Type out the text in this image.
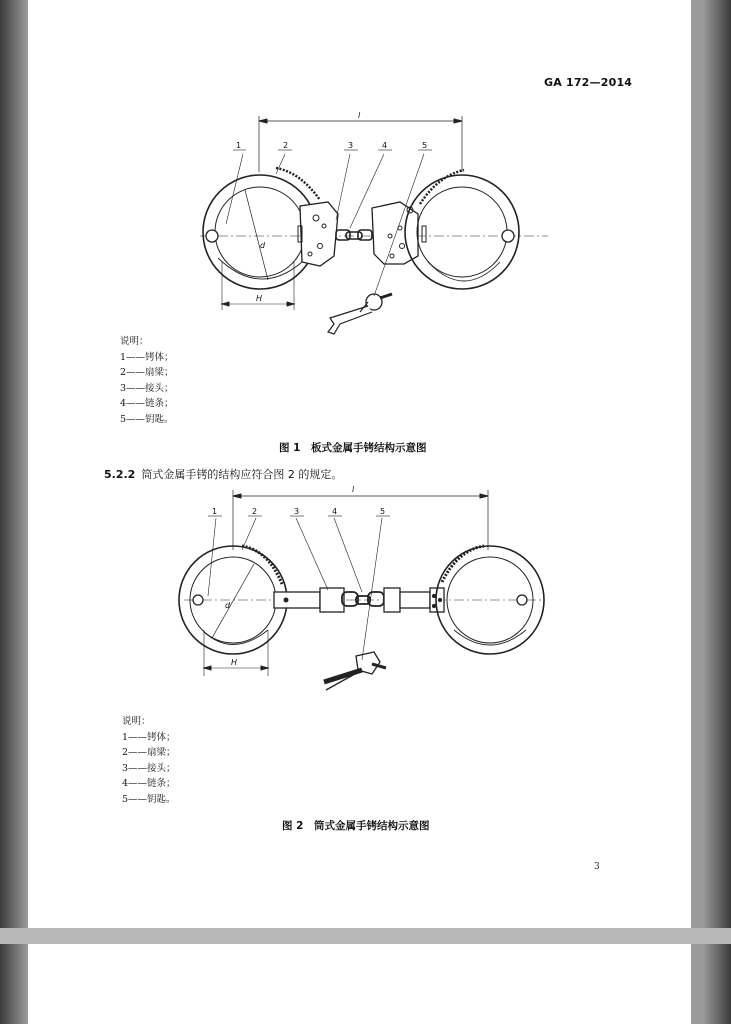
GA 172—2014
1	2	3	4	5
l
d
H
说明：
1——铐体；
2——扇梁；
3——接头；
4——链条；
5——钥匙。
图 1　板式金属手铐结构示意图
5.2.2 筒式金属手铐的结构应符合图 2 的规定。
1	2	3	4	5
l
d
H
说明：
1——铐体；
2——扇梁；
3——接头；
4——链条；
5——钥匙。
图 2　筒式金属手铐结构示意图
3
